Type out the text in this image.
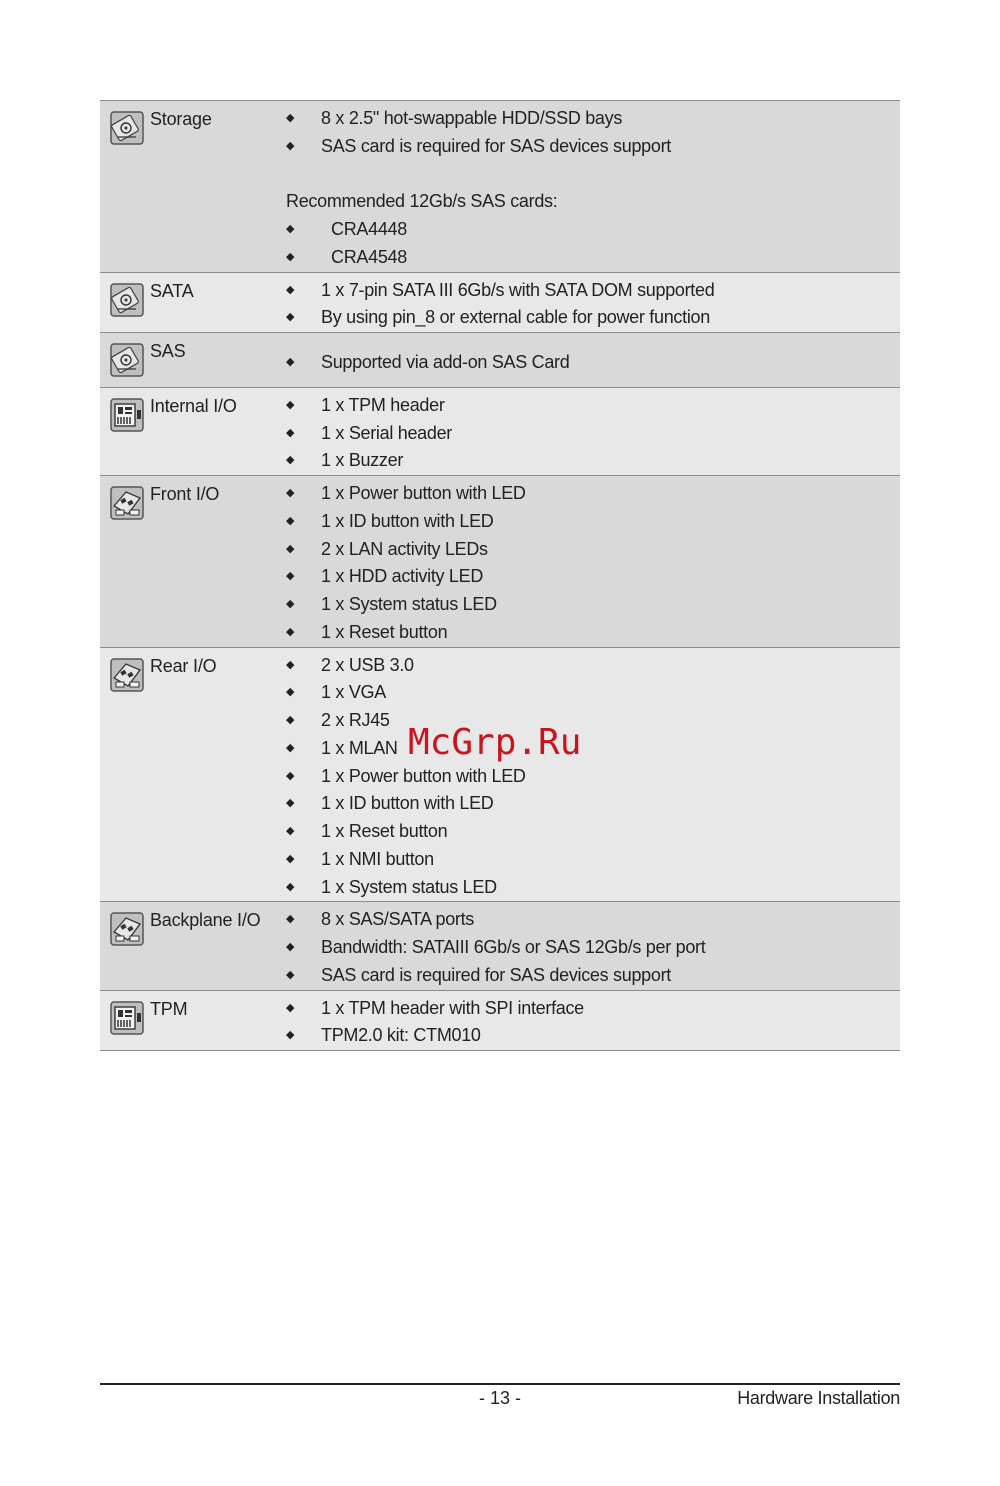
Storage	◆	8 x 2.5" hot-swappable HDD/SSD bays
◆	SAS card is required for SAS devices support
Recommended 12Gb/s SAS cards:
◆	CRA4448
◆	CRA4548
SATA	◆	1 x 7-pin SATA III 6Gb/s with SATA DOM supported
◆	By using pin_8 or external cable for power function
SAS
◆	Supported via add-on SAS Card
Internal I/O	◆	1 x TPM header
◆	1 x Serial header
◆	1 x Buzzer
Front I/O	◆	1 x Power button with LED
◆	1 x ID button with LED
◆	2 x LAN activity LEDs
◆	1 x HDD activity LED
◆	1 x System status LED
◆	1 x Reset button
Rear I/O	◆	2 x USB 3.0
◆	1 x VGA
◆	2 x RJ45
◆	1 x MLAN
◆	1 x Power button with LED
◆	1 x ID button with LED
◆	1 x Reset button
◆	1 x NMI button
◆	1 x System status LED
Backplane I/O ◆	8 x SAS/SATA ports
◆	Bandwidth: SATAIII 6Gb/s or SAS 12Gb/s per port
◆	SAS card is required for SAS devices support
TPM	◆	1 x TPM header with SPI interface
◆	TPM2.0 kit: CTM010
McGrp.Ru
- 13 -	Hardware Installation
